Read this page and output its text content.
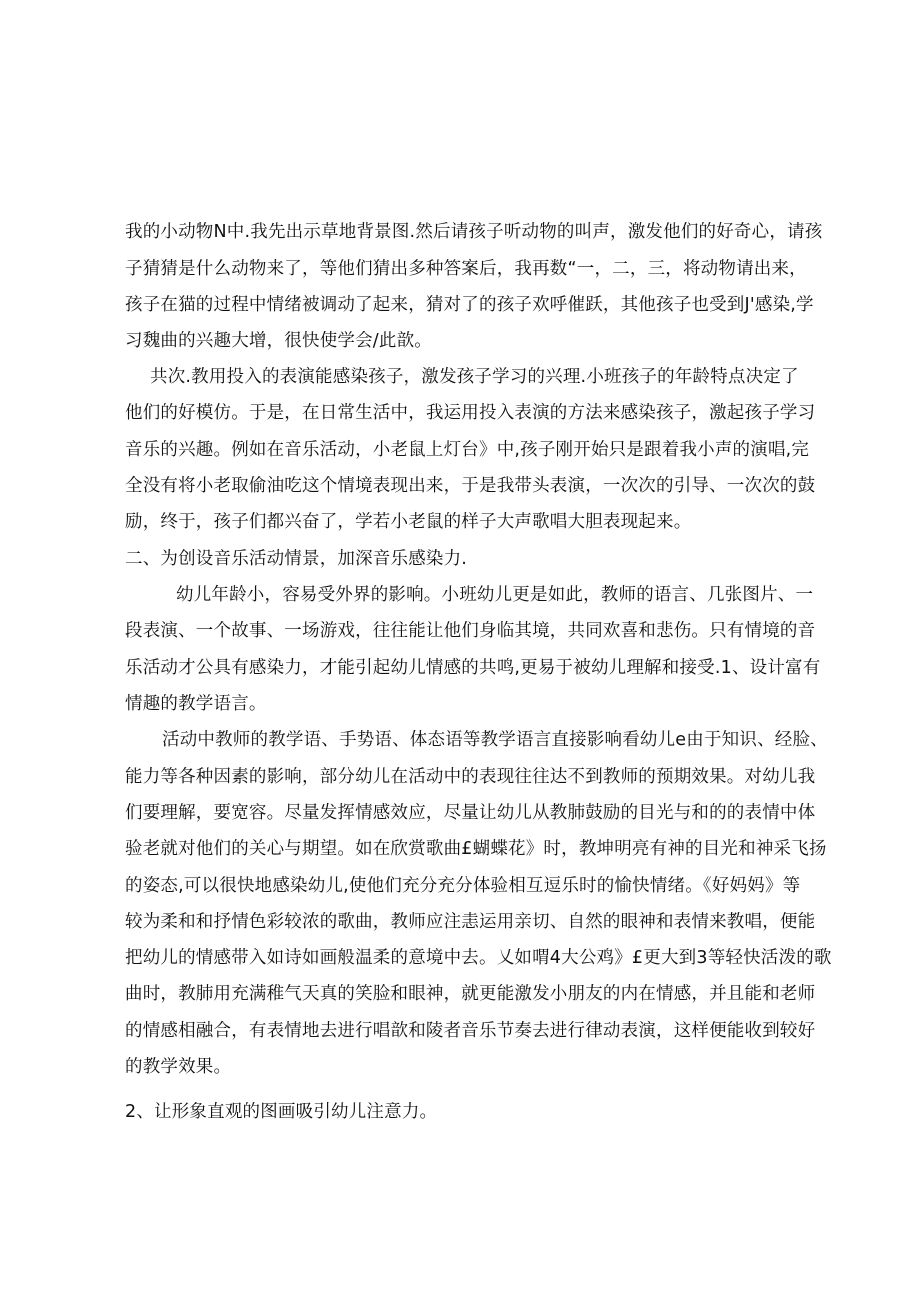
我的小动物N中.我先出示草地背景图.然后请孩子听动物的叫声，激发他们的好奇心，请孩
子猜猜是什么动物来了，等他们猜出多种答案后，我再数“一，二，三，将动物请出来，
孩子在猫的过程中情绪被调动了起来，猜对了的孩子欢呼催跃，其他孩子也受到J'感染,学
习魏曲的兴趣大增，很快使学会/此歆。
共次.教用投入的表演能感染孩子，激发孩子学习的兴理.小班孩子的年龄特点决定了
他们的好模仿。于是，在日常生活中，我运用投入表演的方法来感染孩子，激起孩子学习
音乐的兴趣。例如在音乐活动，小老鼠上灯台》中,孩子刚开始只是跟着我小声的演唱,完
全没有将小老取偷油吃这个情境表现出来，于是我带头表演，一次次的引导、一次次的鼓
励，终于，孩子们都兴奋了，学若小老鼠的样子大声歌唱大胆表现起来。
二、为创设音乐活动情景，加深音乐感染力.
幼儿年龄小，容易受外界的影响。小班幼儿更是如此，教师的语言、几张图片、一
段表演、一个故事、一场游戏，往往能让他们身临其境，共同欢喜和悲伤。只有情境的音
乐活动才公具有感染力，才能引起幼儿情感的共鸣,更易于被幼儿理解和接受.1、设计富有
情趣的教学语言。
活动中教师的教学语、手势语、体态语等教学语言直接影响看幼儿e由于知识、经脸、
能力等各种因素的影响，部分幼儿在活动中的表现往往达不到教师的预期效果。对幼儿我
们要理解，要宽容。尽量发挥情感效应，尽量让幼儿从教肺鼓励的目光与和的的表情中体
验老就对他们的关心与期望。如在欣赏歌曲£蝴蝶花》时，教坤明亮有神的目光和神采飞扬
的姿态,可以很快地感染幼儿,使他们充分充分体验相互逗乐时的愉快情绪。《好妈妈》等
较为柔和和抒情色彩较浓的歌曲，教师应注恚运用亲切、自然的眼神和表情来教唱，便能
把幼儿的情感带入如诗如画般温柔的意境中去。乂如喟4大公鸡》£更大到3等轻快活泼的歌
曲时，教肺用充满稚气天真的笑脸和眼神，就更能激发小朋友的内在情感，并且能和老师
的情感相融合，有表情地去进行唱歆和陵者音乐节奏去进行律动表演，这样便能收到较好
的教学效果。
2、让形象直观的图画吸引幼儿注意力。
